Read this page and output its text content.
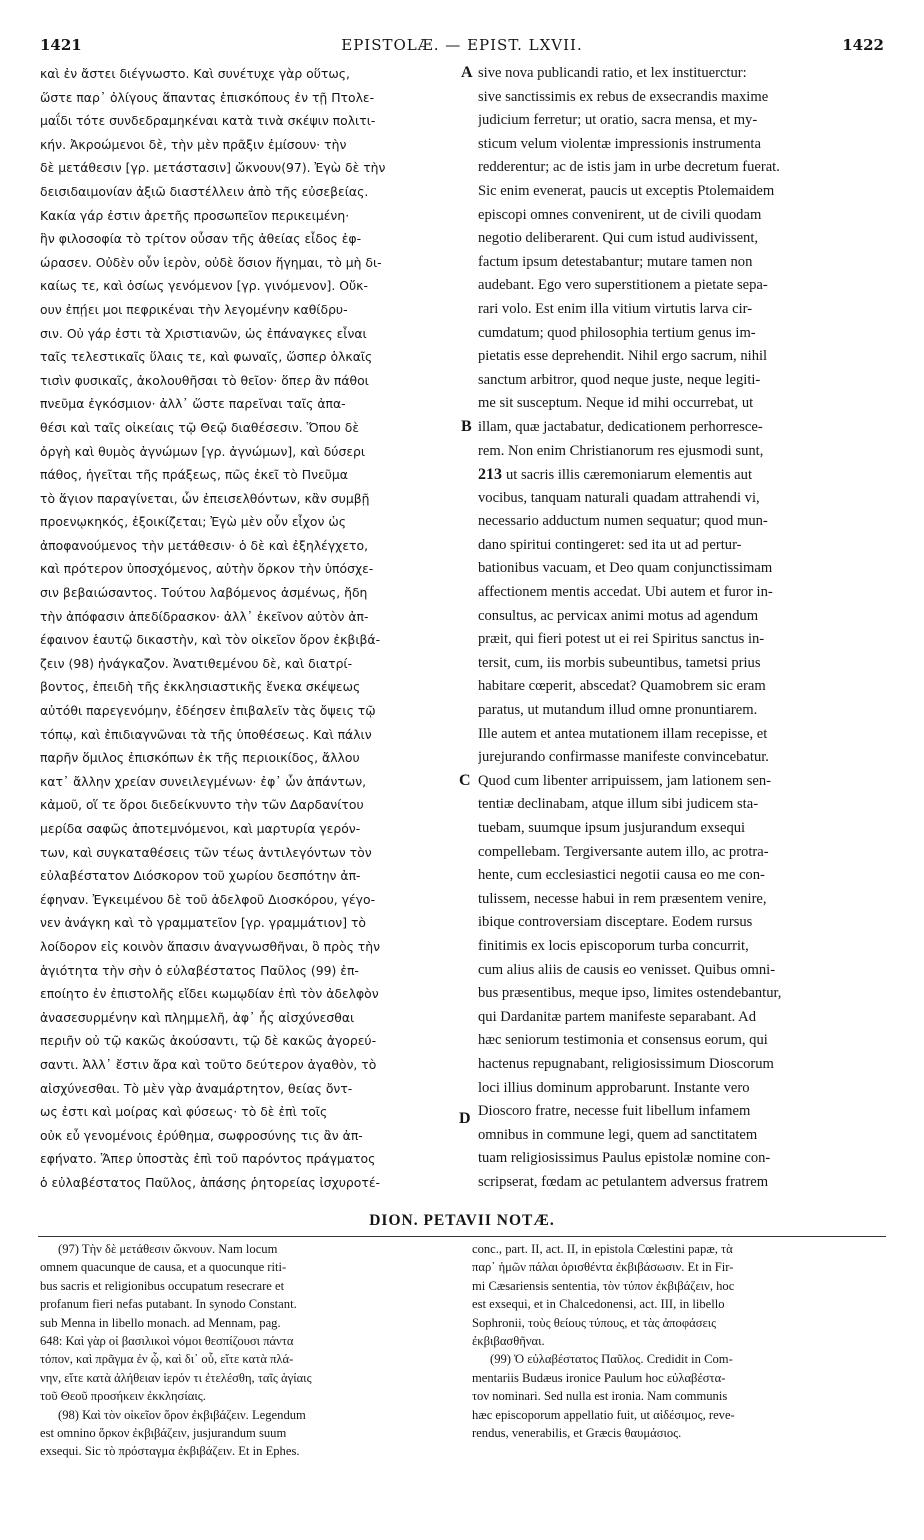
1421	EPISTOLÆ. — EPIST. LXVII.	1422
καὶ ἐν ἄστει διέγνωστο. Καὶ συνέτυχε γὰρ οὕτως,
ὥστε παρ᾽ ὀλίγους ἅπαντας ἐπισκόπους ἐν τῇ Πτολε-
μαΐδι τότε συνδεδραμηκέναι κατὰ τινὰ σκέψιν πολιτι-
κήν. Ἀκροώμενοι δὲ, τὴν μὲν πρᾶξιν ἐμίσουν· τὴν
δὲ μετάθεσιν [γρ. μετάστασιν] ὤκνουν(97). Ἐγὼ δὲ τὴν
δεισιδαιμονίαν ἀξιῶ διαστέλλειν ἀπὸ τῆς εὐσεβείας.
Κακία γάρ ἐστιν ἀρετῆς προσωπεῖον περικειμένη·
ἣν φιλοσοφία τὸ τρίτον οὖσαν τῆς ἀθείας εἶδος ἐφ-
ώρασεν. Οὐδὲν οὖν ἱερὸν, οὐδὲ ὅσιον ἥγημαι, τὸ μὴ δι-
καίως τε, καὶ ὁσίως γενόμενον [γρ. γινόμενον]. Οὔκ-
ουν ἐπῄει μοι πεφρικέναι τὴν λεγομένην καθίδρυ-
σιν. Οὐ γάρ ἐστι τὰ Χριστιανῶν, ὡς ἐπάναγκες εἶναι
ταῖς τελεστικαῖς ὕλαις τε, καὶ φωναῖς, ὥσπερ ὁλκαῖς
τισὶν φυσικαῖς, ἀκολουθῆσαι τὸ θεῖον· ὅπερ ἂν πάθοι
πνεῦμα ἐγκόσμιον· ἀλλ᾽ ὥστε παρεῖναι ταῖς ἀπα-
θέσι καὶ ταῖς οἰκείαις τῷ Θεῷ διαθέσεσιν. Ὅπου δὲ
ὀργὴ καὶ θυμὸς ἀγνώμων [γρ. ἀγνώμων], καὶ δύσερι
πάθος, ἡγεῖται τῆς πράξεως, πῶς ἐκεῖ τὸ Πνεῦμα
τὸ ἅγιον παραγίνεται, ὧν ἐπεισελθόντων, κἂν συμβῇ
προενῳκηκός, ἐξοικίζεται; Ἐγὼ μὲν οὖν εἶχον ὡς
ἀποφανούμενος τὴν μετάθεσιν· ὁ δὲ καὶ ἐξηλέγχετο,
καὶ πρότερον ὑποσχόμενος, αὐτὴν ὅρκον τὴν ὑπόσχε-
σιν βεβαιώσαντος. Τούτου λαβόμενος ἀσμένως, ἤδη
τὴν ἀπόφασιν ἀπεδίδρασκον· ἀλλ᾽ ἐκεῖνον αὐτὸν ἀπ-
έφαινον ἑαυτῷ δικαστὴν, καὶ τὸν οἰκεῖον ὅρον ἐκβιβά-
ζειν (98) ἠνάγκαζον. Ἀνατιθεμένου δὲ, καὶ διατρί-
βοντος, ἐπειδὴ τῆς ἐκκλησιαστικῆς ἕνεκα σκέψεως
αὐτόθι παρεγενόμην, ἐδέησεν ἐπιβαλεῖν τὰς ὄψεις τῷ
τόπῳ, καὶ ἐπιδιαγνῶναι τὰ τῆς ὑποθέσεως. Καὶ πάλιν
παρῆν ὅμιλος ἐπισκόπων ἐκ τῆς περιοικίδος, ἄλλου
κατ᾽ ἄλλην χρείαν συνειλεγμένων· ἐφ᾽ ὧν ἁπάντων,
κἀμοῦ, οἵ τε ὅροι διεδείκνυντο τὴν τῶν Δαρδανίτου
μερίδα σαφῶς ἀποτεμνόμενοι, καὶ μαρτυρία γερόν-
των, καὶ συγκαταθέσεις τῶν τέως ἀντιλεγόντων τὸν
εὐλαβέστατον Διόσκορον τοῦ χωρίου δεσπότην ἀπ-
έφηναν. Ἐγκειμένου δὲ τοῦ ἀδελφοῦ Διοσκόρου, γέγο-
νεν ἀνάγκη καὶ τὸ γραμματεῖον [γρ. γραμμάτιον] τὸ
λοίδορον εἰς κοινὸν ἅπασιν ἀναγνωσθῆναι, ὃ πρὸς τὴν
ἁγιότητα τὴν σὴν ὁ εὐλαβέστατος Παῦλος (99) ἐπ-
εποίητο ἐν ἐπιστολῆς εἴδει κωμῳδίαν ἐπὶ τὸν ἀδελφὸν
ἀνασεσυρμένην καὶ πλημμελῆ, ἀφ᾽ ἧς αἰσχύνεσθαι
περιῆν οὐ τῷ κακῶς ἀκούσαντι, τῷ δὲ κακῶς ἀγορεύ-
σαντι. Ἀλλ᾽ ἔστιν ἄρα καὶ τοῦτο δεύτερον ἀγαθὸν, τὸ
αἰσχύνεσθαι. Τὸ μὲν γὰρ ἀναμάρτητον, θείας ὄντ-
ως ἐστι καὶ μοίρας καὶ φύσεως· τὸ δὲ ἐπὶ τοῖς
οὐκ εὖ γενομένοις ἐρύθημα, σωφροσύνης τις ἂν ἀπ-
εφήνατο. Ἅπερ ὑποστὰς ἐπὶ τοῦ παρόντος πράγματος
ὁ εὐλαβέστατος Παῦλος, ἁπάσης ῥητορείας ἰσχυροτέ-
sive nova publicandi ratio, et lex instituerctur:
sive sanctissimis ex rebus de exsecrandis maxime
judicium ferretur; ut oratio, sacra mensa, et my-
sticum velum violentæ impressionis instrumenta
redderentur; ac de istis jam in urbe decretum fuerat.
Sic enim evenerat, paucis ut exceptis Ptolemaidem
episcopi omnes convenirent, ut de civili quodam
negotio deliberarent. Qui cum istud audivissent,
factum ipsum detestabantur; mutare tamen non
audebant. Ego vero superstitionem a pietate sepa-
rari volo. Est enim illa vitium virtutis larva cir-
cumdatum; quod philosophia tertium genus im-
pietatis esse deprehendit. Nihil ergo sacrum, nihil
sanctum arbitror, quod neque juste, neque legiti-
me sit susceptum. Neque id mihi occurrebat, ut
illam, quæ jactabatur, dedicationem perhorresce-
rem. Non enim Christianorum res ejusmodi sunt,
213 ut sacris illis cæremoniarum elementis aut
vocibus, tanquam naturali quadam attrahendi vi,
necessario adductum numen sequatur; quod mun-
dano spiritui contingeret: sed ita ut ad pertur-
bationibus vacuam, et Deo quam conjunctissimam
affectionem mentis accedat. Ubi autem et furor in-
consultus, ac pervicax animi motus ad agendum
præit, qui fieri potest ut ei rei Spiritus sanctus in-
tersit, cum, iis morbis subeuntibus, tametsi prius
habitare cœperit, abscedat? Quamobrem sic eram
paratus, ut mutandum illud omne pronuntiarem.
Ille autem et antea mutationem illam recepisse, et
jurejurando confirmasse manifeste convincebatur.
Quod cum libenter arripuissem, jam lationem sen-
tentiæ declinabam, atque illum sibi judicem sta-
tuebam, suumque ipsum jusjurandum exsequi
compellebam. Tergiversante autem illo, ac protra-
hente, cum ecclesiastici negotii causa eo me con-
tulissem, necesse habui in rem præsentem venire,
ibique controversiam disceptare. Eodem rursus
finitimis ex locis episcoporum turba concurrit,
cum alius aliis de causis eo venisset. Quibus omni-
bus præsentibus, meque ipso, limites ostendebantur,
qui Dardanitæ partem manifeste separabant. Ad
hæc seniorum testimonia et consensus eorum, qui
hactenus repugnabant, religiosissimum Dioscorum
loci illius dominum approbarunt. Instante vero
Dioscoro fratre, necesse fuit libellum infamem
omnibus in commune legi, quem ad sanctitatem
tuam religiosissimus Paulus epistolæ nomine con-
scripserat, fœdam ac petulantem adversus fratrem
A
B
C
D
DION. PETAVII NOTÆ.
(97) Τὴν δὲ μετάθεσιν ὤκνουν. Nam locum
omnem quacunque de causa, et a quocunque riti-
bus sacris et religionibus occupatum resecrare et
profanum fieri nefas putabant. In synodo Constant.
sub Menna in libello monach. ad Mennam, pag.
648: Καὶ γὰρ οἱ βασιλικοὶ νόμοι θεσπίζουσι πάντα
τόπον, καὶ πρᾶγμα ἐν ᾧ, καὶ δι᾽ οὗ, εἴτε κατὰ πλά-
νην, εἴτε κατὰ ἀλήθειαν ἱερόν τι ἐτελέσθη, ταῖς ἁγίαις
τοῦ Θεοῦ προσήκειν ἐκκλησίαις.
(98) Καὶ τὸν οἰκεῖον ὅρον ἐκβιβάζειν. Legendum
est omnino ὅρκον ἐκβιβάζειν, jusjurandum suum
exsequi. Sic τὸ πρόσταγμα ἐκβιβάζειν. Et in Ephes.
conc., part. II, act. II, in epistola Cœlestini papæ, τὰ
παρ᾽ ἡμῶν πάλαι ὁρισθέντα ἐκβιβάσωσιν. Et in Fir-
mi Cæsariensis sententia, τὸν τύπον ἐκβιβάζειν, hoc
est exsequi, et in Chalcedonensi, act. III, in libello
Sophronii, τοὺς θείους τύπους, et τὰς ἀποφάσεις
ἐκβιβασθῆναι.
(99) Ὁ εὐλαβέστατος Παῦλος. Credidit in Com-
mentariis Budæus ironice Paulum hoc εὐλαβέστα-
τον nominari. Sed nulla est ironia. Nam communis
hæc episcoporum appellatio fuit, ut αἰδέσιμος, reve-
rendus, venerabilis, et Græcis θαυμάσιος.
